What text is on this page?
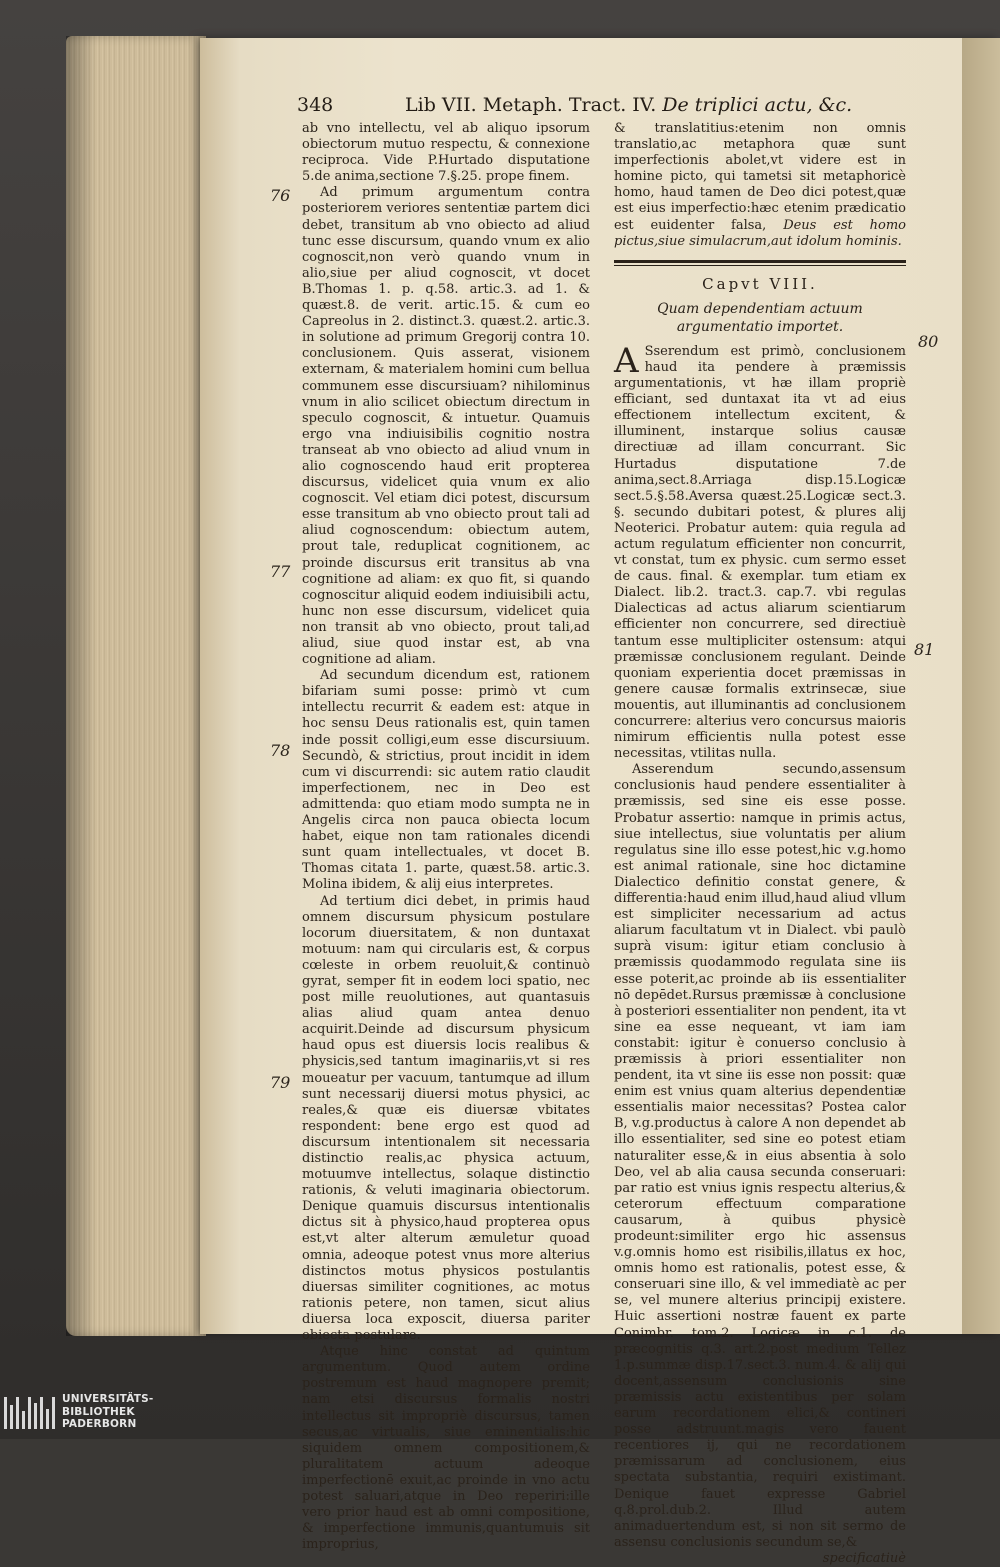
348	Lib VII. Metaph. Tract. IV. De triplici actu, &c.
76
77
78
79
80
81

ab vno intellectu, vel ab aliquo ipsorum obiectorum mutuo respectu, & connexione reciproca. Vide P.Hurtado disputatione 5.de anima,sectione 7.§.25. prope finem.

Ad primum argumentum contra posteriorem veriores sententiæ partem dici debet, transitum ab vno obiecto ad aliud tunc esse discursum, quando vnum ex alio cognoscit,non verò quando vnum in alio,siue per aliud cognoscit, vt docet B.Thomas 1. p. q.58. artic.3. ad 1. & quæst.8. de verit. artic.15. & cum eo Capreolus in 2. distinct.3. quæst.2. artic.3. in solutione ad primum Gregorij contra 10. conclusionem. Quis asserat, visionem externam, & materialem homini cum bellua communem esse discursiuam? nihilominus vnum in alio scilicet obiectum directum in speculo cognoscit, & intuetur. Quamuis ergo vna indiuisibilis cognitio nostra transeat ab vno obiecto ad aliud vnum in alio cognoscendo haud erit propterea discursus, videlicet quia vnum ex alio cognoscit. Vel etiam dici potest, discursum esse transitum ab vno obiecto prout tali ad aliud cognoscendum: obiectum autem, prout tale, reduplicat cognitionem, ac proinde discursus erit transitus ab vna cognitione ad aliam: ex quo fit, si quando cognoscitur aliquid eodem indiuisibili actu, hunc non esse discursum, videlicet quia non transit ab vno obiecto, prout tali,ad aliud, siue quod instar est, ab vna cognitione ad aliam.

Ad secundum dicendum est, rationem bifariam sumi posse: primò vt cum intellectu recurrit & eadem est: atque in hoc sensu Deus rationalis est, quin tamen inde possit colligi,eum esse discursiuum. Secundò, & strictius, prout incidit in idem cum vi discurrendi: sic autem ratio claudit imperfectionem, nec in Deo est admittenda: quo etiam modo sumpta ne in Angelis circa non pauca obiecta locum habet, eique non tam rationales dicendi sunt quam intellectuales, vt docet B. Thomas citata 1. parte, quæst.58. artic.3. Molina ibidem, & alij eius interpretes.

Ad tertium dici debet, in primis haud omnem discursum physicum postulare locorum diuersitatem, & non duntaxat motuum: nam qui circularis est, & corpus cœleste in orbem reuoluit,& continuò gyrat, semper fit in eodem loci spatio, nec post mille reuolutiones, aut quantasuis alias aliud quam antea denuo acquirit.Deinde ad discursum physicum haud opus est diuersis locis realibus & physicis,sed tantum imaginariis,vt si res moueatur per vacuum, tantumque ad illum sunt necessarij diuersi motus physici, ac reales,& quæ eis diuersæ vbitates respondent: bene ergo est quod ad discursum intentionalem sit necessaria distinctio realis,ac physica actuum, motuumve intellectus, solaque distinctio rationis, & veluti imaginaria obiectorum. Denique quamuis discursus intentionalis dictus sit à physico,haud propterea opus est,vt alter alterum æmuletur quoad omnia, adeoque potest vnus more alterius distinctos motus physicos postulantis diuersas similiter cognitiones, ac motus rationis petere, non tamen, sicut alius diuersa loca exposcit, diuersa pariter obiecta postulare.

Atque hinc constat ad quintum argumentum. Quod autem ordine postremum est haud magnopere premit; nam etsi discursus formalis nostri intellectus sit impropriè discursus, tamen secus,ac virtualis, siue eminentialis:hic siquidem omnem compositionem,& pluralitatem actuum adeoque imperfectionē exuit,ac proinde in vno actu potest saluari,atque in Deo reperiri:ille vero prior haud est ab omni compositione, & imperfectione immunis,quantumuis sit improprius,

& translatitius:etenim non omnis translatio,ac metaphora quæ sunt imperfectionis abolet,vt videre est in homine picto, qui tametsi sit metaphoricè homo, haud tamen de Deo dici potest,quæ est eius imperfectio:hæc etenim prædicatio est euidenter falsa, Deus est homo pictus,siue simulacrum,aut idolum hominis.

Capvt VIII.
Quam dependentiam actuum argumentatio importet.

A Sserendum est primò, conclusionem haud ita pendere à præmissis argumentationis, vt hæ illam propriè efficiant, sed duntaxat ita vt ad eius effectionem intellectum excitent, & illuminent, instarque solius causæ directiuæ ad illam concurrant. Sic Hurtadus disputatione 7.de anima,sect.8.Arriaga disp.15.Logicæ sect.5.§.58.Aversa quæst.25.Logicæ sect.3. §. secundo dubitari potest, & plures alij Neoterici. Probatur autem: quia regula ad actum regulatum efficienter non concurrit, vt constat, tum ex physic. cum sermo esset de caus. final. & exemplar. tum etiam ex Dialect. lib.2. tract.3. cap.7. vbi regulas Dialecticas ad actus aliarum scientiarum efficienter non concurrere, sed directiuè tantum esse multipliciter ostensum: atqui præmissæ conclusionem regulant. Deinde quoniam experientia docet præmissas in genere causæ formalis extrinsecæ, siue mouentis, aut illuminantis ad conclusionem concurrere: alterius vero concursus maioris nimirum efficientis nulla potest esse necessitas, vtilitas nulla.

Asserendum secundo,assensum conclusionis haud pendere essentialiter à præmissis, sed sine eis esse posse. Probatur assertio: namque in primis actus, siue intellectus, siue voluntatis per alium regulatus sine illo esse potest,hic v.g.homo est animal rationale, sine hoc dictamine Dialectico definitio constat genere, & differentia:haud enim illud,haud aliud vllum est simpliciter necessarium ad actus aliarum facultatum vt in Dialect. vbi paulò suprà visum: igitur etiam conclusio à præmissis quodammodo regulata sine iis esse poterit,ac proinde ab iis essentialiter nō depēdet.Rursus præmissæ à conclusione à posteriori essentialiter non pendent, ita vt sine ea esse nequeant, vt iam iam constabit: igitur è conuerso conclusio à præmissis à priori essentialiter non pendent, ita vt sine iis esse non possit: quæ enim est vnius quam alterius dependentiæ essentialis maior necessitas? Postea calor B, v.g.productus à calore A non dependet ab illo essentialiter, sed sine eo potest etiam naturaliter esse,& in eius absentia à solo Deo, vel ab alia causa secunda conseruari: par ratio est vnius ignis respectu alterius,& ceterorum effectuum comparatione causarum, à quibus physicè prodeunt:similiter ergo hic assensus v.g.omnis homo est risibilis,illatus ex hoc, omnis homo est rationalis, potest esse, & conseruari sine illo, & vel immediatè ac per se, vel munere alterius principij existere. Huic assertioni nostræ fauent ex parte Conimbr. tom.2. Logicæ in c.1. de præcognitis q.3. art.2.post medium Tellez 1.p.summæ disp.17.sect.3. num.4. & alij qui docent,assensum conclusionis sine præmissis actu existentibus per solam earum recordationem elici,& contineri posse adstruunt.magis vero fauent recentiores ij, qui ne recordationem præmissarum ad conclusionem, eius spectata substantia, requiri existimant. Denique fauet expresse Gabriel q.8.prol.dub.2. Illud autem animaduertendum est, si non sit sermo de assensu conclusionis secundum se,&

specificatiuè

UNIVERSITÄTS-
BIBLIOTHEK
PADERBORN
